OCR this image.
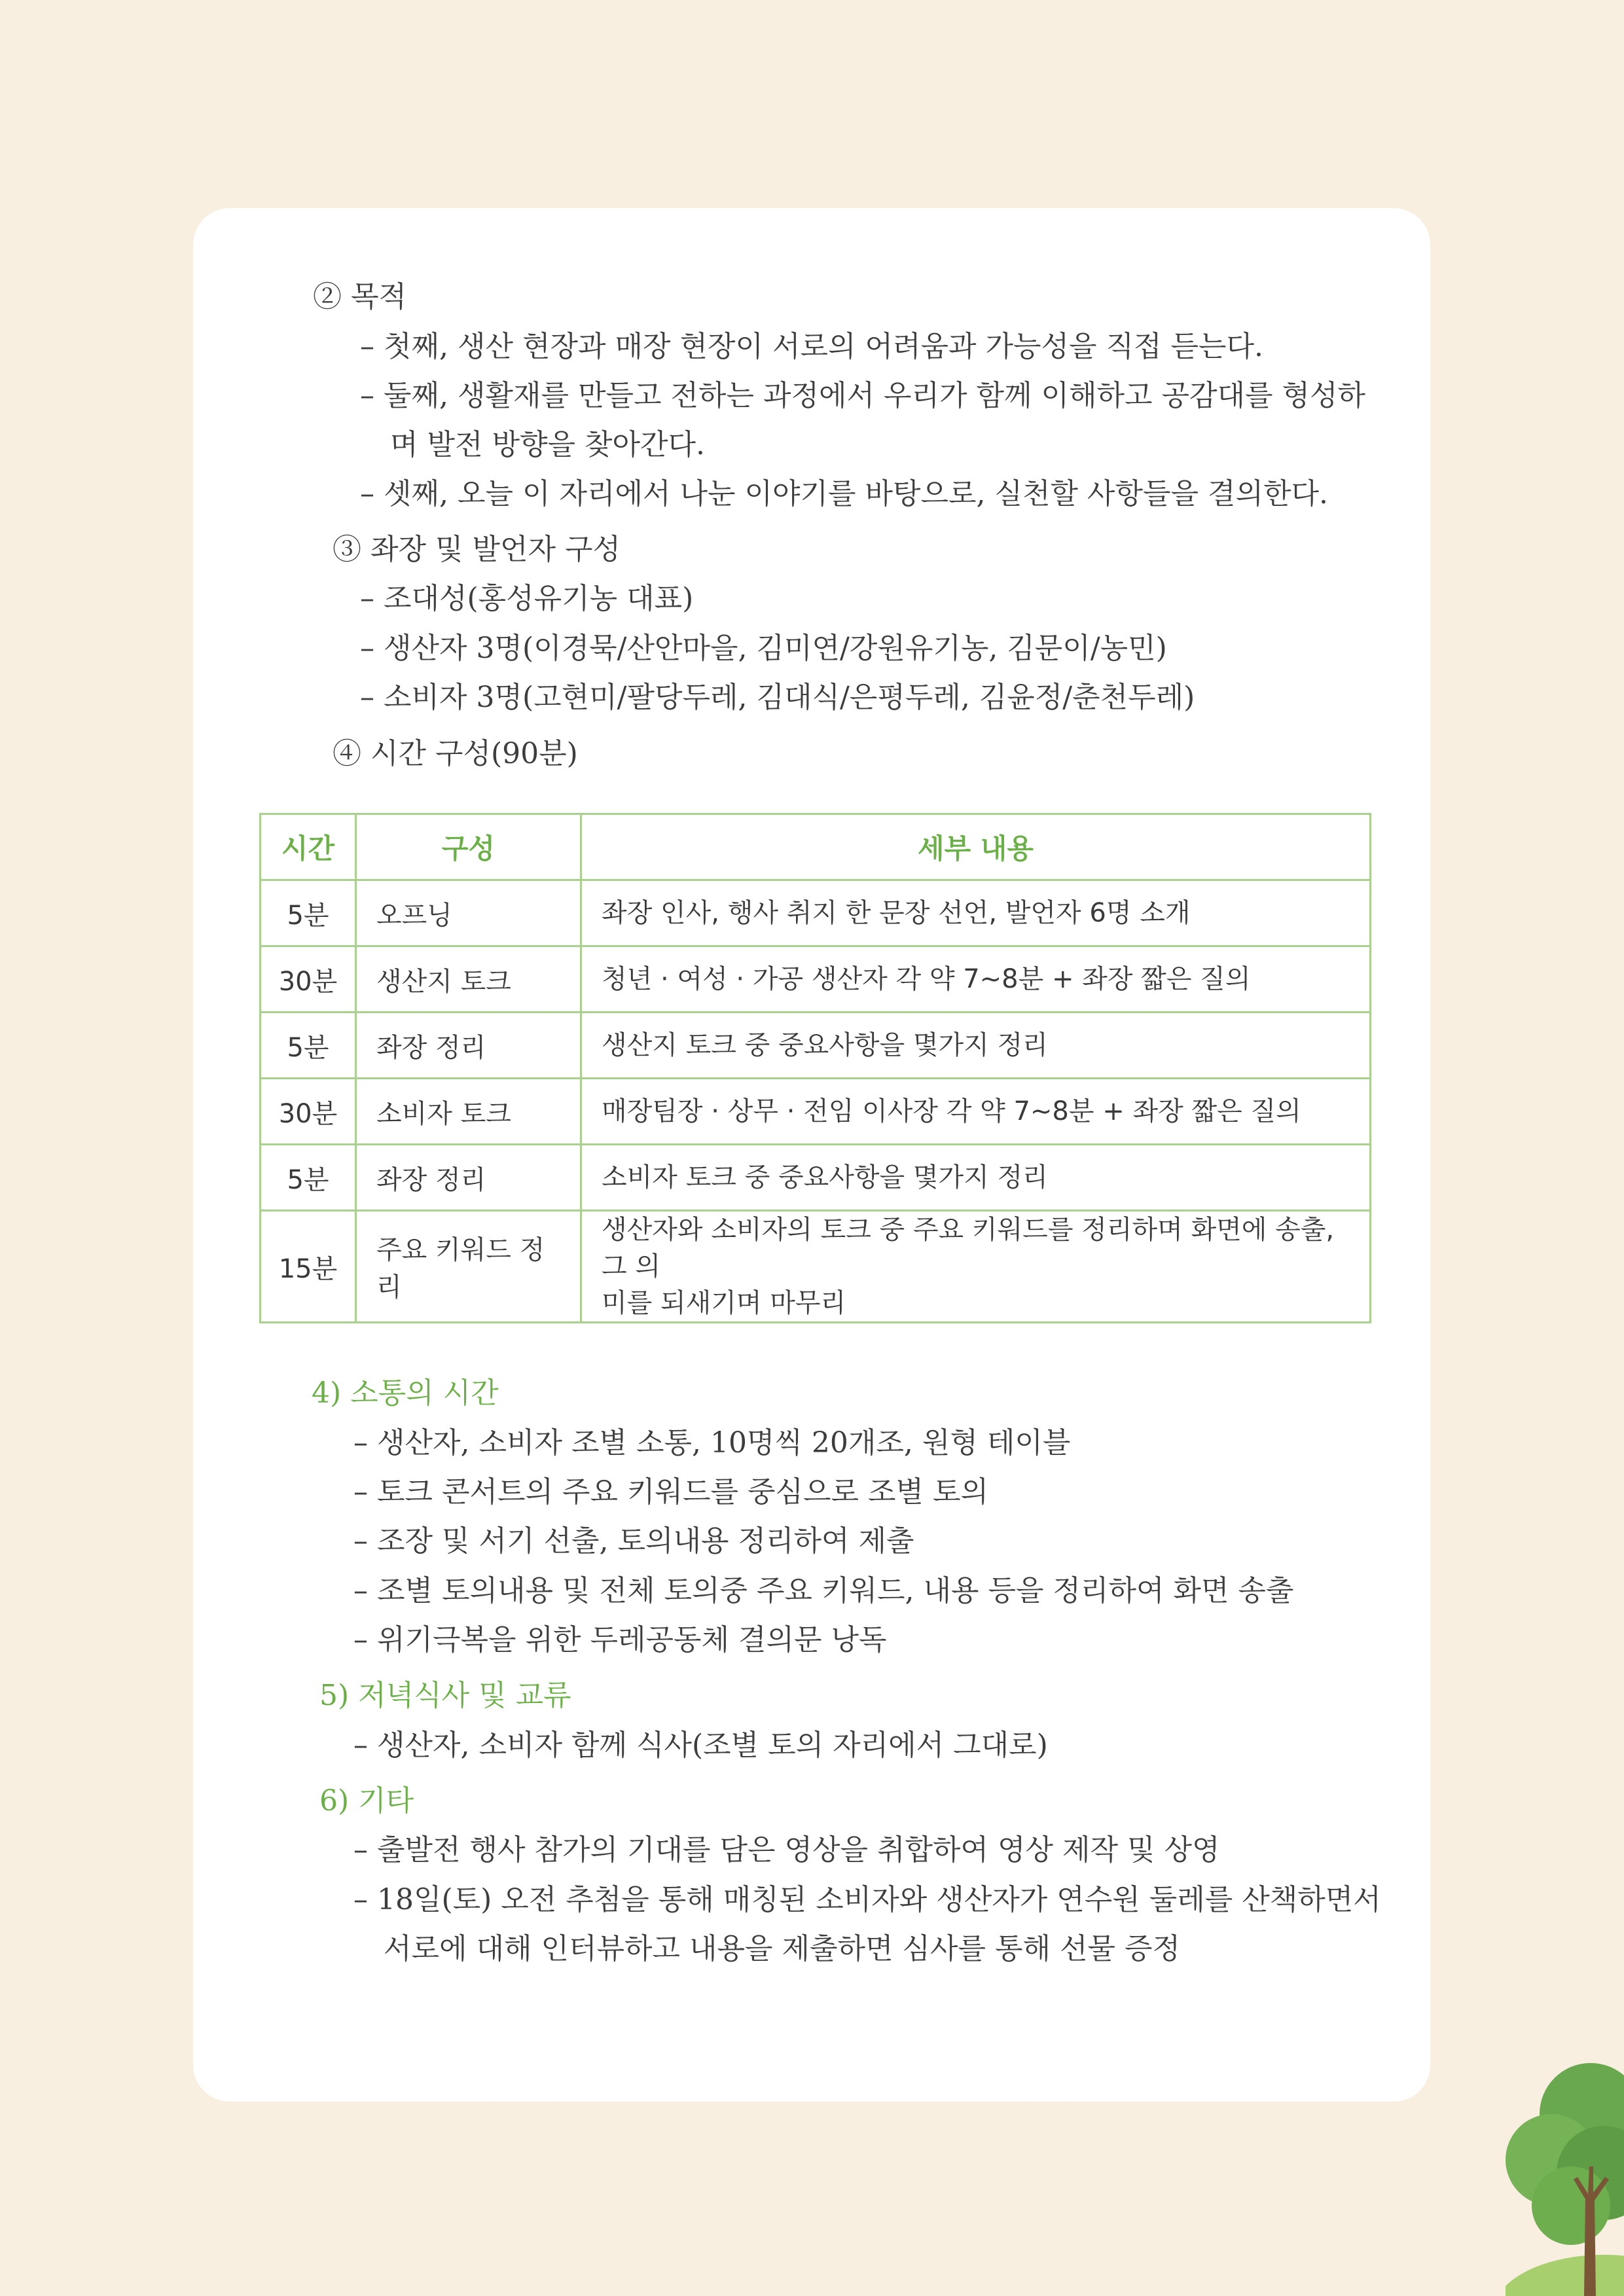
② 목적
– 첫째, 생산 현장과 매장 현장이 서로의 어려움과 가능성을 직접 듣는다.
– 둘째, 생활재를 만들고 전하는 과정에서 우리가 함께 이해하고 공감대를 형성하
며 발전 방향을 찾아간다.
– 셋째, 오늘 이 자리에서 나눈 이야기를 바탕으로, 실천할 사항들을 결의한다.
③ 좌장 및 발언자 구성
– 조대성(홍성유기농 대표)
– 생산자 3명(이경묵/산안마을, 김미연/강원유기농, 김문이/농민)
– 소비자 3명(고현미/팔당두레, 김대식/은평두레, 김윤정/춘천두레)
④ 시간 구성(90분)
시간	구성	세부 내용
5분	오프닝	좌장 인사, 행사 취지 한 문장 선언, 발언자 6명 소개
30분	생산지 토크	청년 · 여성 · 가공 생산자 각 약 7~8분 + 좌장 짧은 질의
5분	좌장 정리	생산지 토크 중 중요사항을 몇가지 정리
30분	소비자 토크	매장팀장 · 상무 · 전임 이사장 각 약 7~8분 + 좌장 짧은 질의
5분	좌장 정리	소비자 토크 중 중요사항을 몇가지 정리
15분	주요 키워드 정리	생산자와 소비자의 토크 중 주요 키워드를 정리하며 화면에 송출, 그 의
미를 되새기며 마무리
4) 소통의 시간
– 생산자, 소비자 조별 소통, 10명씩 20개조, 원형 테이블
– 토크 콘서트의 주요 키워드를 중심으로 조별 토의
– 조장 및 서기 선출, 토의내용 정리하여 제출
– 조별 토의내용 및 전체 토의중 주요 키워드, 내용 등을 정리하여 화면 송출
– 위기극복을 위한 두레공동체 결의문 낭독
5) 저녁식사 및 교류
– 생산자, 소비자 함께 식사(조별 토의 자리에서 그대로)
6) 기타
– 출발전 행사 참가의 기대를 담은 영상을 취합하여 영상 제작 및 상영
– 18일(토) 오전 추첨을 통해 매칭된 소비자와 생산자가 연수원 둘레를 산책하면서
서로에 대해 인터뷰하고 내용을 제출하면 심사를 통해 선물 증정
